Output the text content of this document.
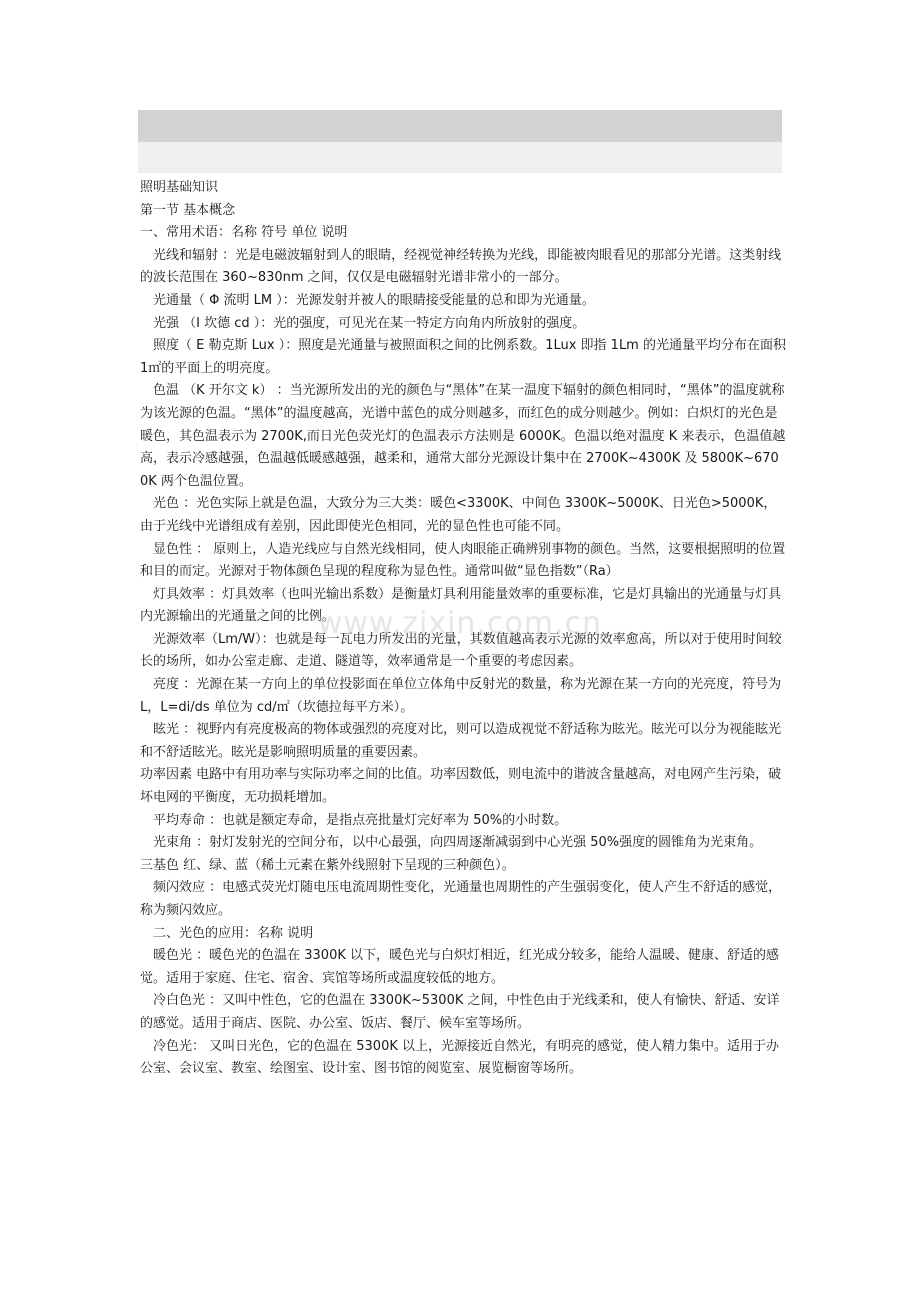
照明基础知识

第一节 基本概念

一、常用术语：名称 符号 单位 说明

光线和辐射 ：光是电磁波辐射到人的眼睛，经视觉神经转换为光线，即能被肉眼看见的那部分光谱。这类射线的波长范围在 360~830nm 之间，仅仅是电磁辐射光谱非常小的一部分。

光通量（ Φ 流明 LM ）：光源发射并被人的眼睛接受能量的总和即为光通量。

光强 （I 坎德 cd ）：光的强度，可见光在某一特定方向角内所放射的强度。

照度（ E 勒克斯 Lux ）：照度是光通量与被照面积之间的比例系数。1Lux 即指 1Lm 的光通量平均分布在面积 1㎡的平面上的明亮度。

色温 （K 开尔文 k） ：当光源所发出的光的颜色与“黑体”在某一温度下辐射的颜色相同时，“黑体”的温度就称为该光源的色温。“黑体”的温度越高，光谱中蓝色的成分则越多，而红色的成分则越少。例如：白炽灯的光色是暖色，其色温表示为 2700K,而日光色荧光灯的色温表示方法则是 6000K。色温以绝对温度 K 来表示，色温值越高，表示冷感越强，色温越低暖感越强，越柔和，通常大部分光源设计集中在 2700K~4300K 及 5800K~6700K 两个色温位置。

光色 ：光色实际上就是色温，大致分为三大类：暖色<3300K、中间色 3300K~5000K、日光色>5000K，由于光线中光谱组成有差别，因此即使光色相同，光的显色性也可能不同。

显色性 ： 原则上，人造光线应与自然光线相同，使人肉眼能正确辨别事物的颜色。当然，这要根据照明的位置和目的而定。光源对于物体颜色呈现的程度称为显色性。通常叫做“显色指数”（Ra）

灯具效率 ：灯具效率（也叫光输出系数）是衡量灯具利用能量效率的重要标准，它是灯具输出的光通量与灯具内光源输出的光通量之间的比例。

光源效率（Lm/W）：也就是每一瓦电力所发出的光量，其数值越高表示光源的效率愈高，所以对于使用时间较长的场所，如办公室走廊、走道、隧道等，效率通常是一个重要的考虑因素。

亮度 ：光源在某一方向上的单位投影面在单位立体角中反射光的数量，称为光源在某一方向的光亮度，符号为 L，L=di/ds 单位为 cd/㎡（坎德拉每平方米）。

眩光 ：视野内有亮度极高的物体或强烈的亮度对比，则可以造成视觉不舒适称为眩光。眩光可以分为视能眩光和不舒适眩光。眩光是影响照明质量的重要因素。

功率因素 电路中有用功率与实际功率之间的比值。功率因数低，则电流中的谐波含量越高，对电网产生污染，破坏电网的平衡度，无功损耗增加。

平均寿命 ：也就是额定寿命，是指点亮批量灯完好率为 50%的小时数。

光束角 ：射灯发射光的空间分布，以中心最强，向四周逐渐减弱到中心光强 50%强度的圆锥角为光束角。

三基色 红、绿、蓝（稀土元素在紫外线照射下呈现的三种颜色）。

频闪效应 ：电感式荧光灯随电压电流周期性变化，光通量也周期性的产生强弱变化，使人产生不舒适的感觉，称为频闪效应。

二、光色的应用：名称 说明

暖色光 ：暖色光的色温在 3300K 以下，暖色光与白炽灯相近，红光成分较多，能给人温暖、健康、舒适的感觉。适用于家庭、住宅、宿舍、宾馆等场所或温度较低的地方。

冷白色光 ：又叫中性色，它的色温在 3300K~5300K 之间，中性色由于光线柔和，使人有愉快、舒适、安详的感觉。适用于商店、医院、办公室、饭店、餐厅、候车室等场所。

冷色光： 又叫日光色，它的色温在 5300K 以上，光源接近自然光，有明亮的感觉，使人精力集中。适用于办公室、会议室、教室、绘图室、设计室、图书馆的阅览室、展览橱窗等场所。

www.zixin.com.cn
